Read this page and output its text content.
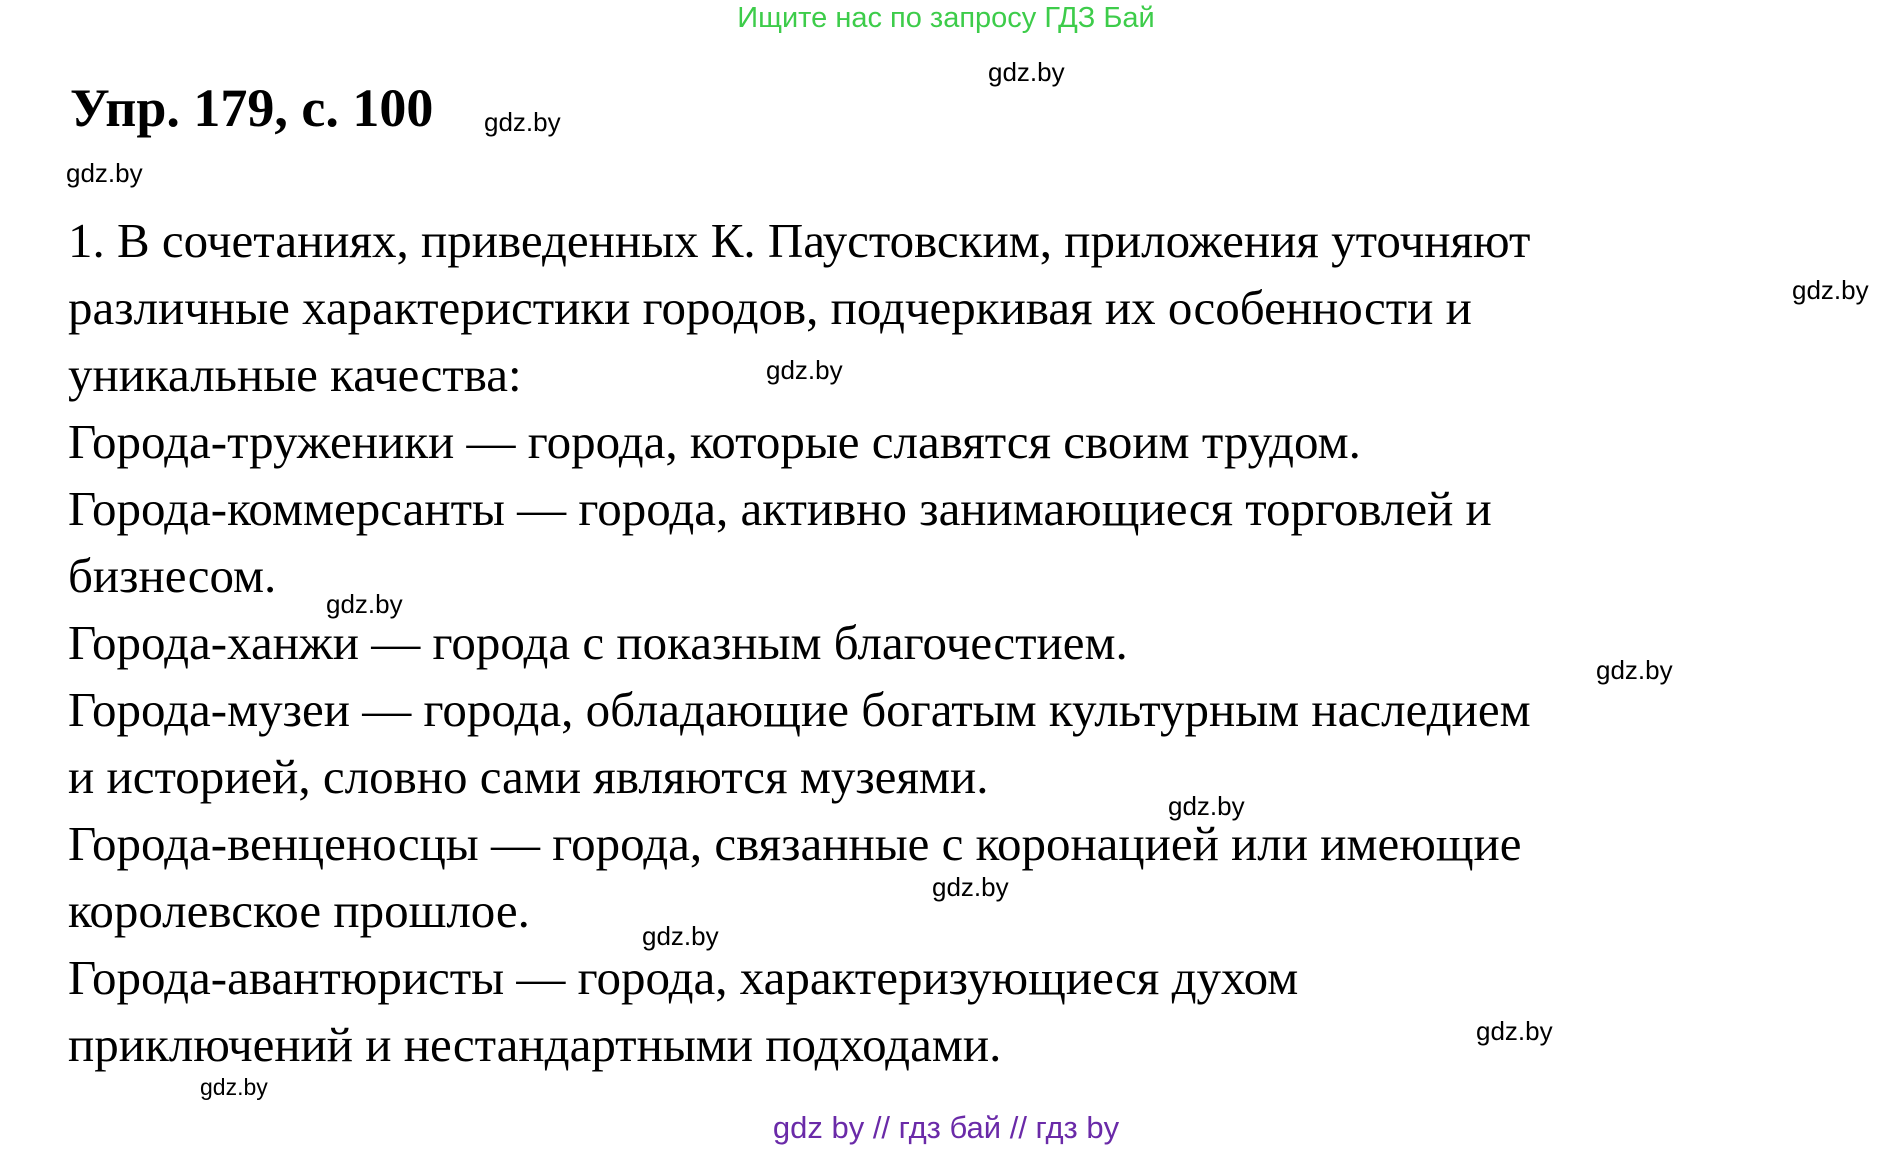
Ищите нас по запросу ГДЗ Бай
gdz.by
Упр. 179, с. 100 gdz.by
gdz.by
1. В сочетаниях, приведенных К. Паустовским, приложения уточняют
gdz.by
различные характеристики городов, подчеркивая их особенности и
уникальные качества:	gdz.by
Города-труженики — города, которые славятся своим трудом.
Города-коммерсанты — города, активно занимающиеся торговлей и
бизнесом.
gdz.by
Города-ханжи — города с показным благочестием.	gdz.by
Города-музеи — города, обладающие богатым культурным наследием
и историей, словно сами являются музеями.
gdz.by
Города-венценосцы — города, связанные с коронацией или имеющие
gdz.by
королевское прошлое.	gdz.by
Города-авантюристы — города, характеризующиеся духом
gdz.by
приключений и нестандартными подходами.
gdz.by
gdz by // гдз бай // гдз by
